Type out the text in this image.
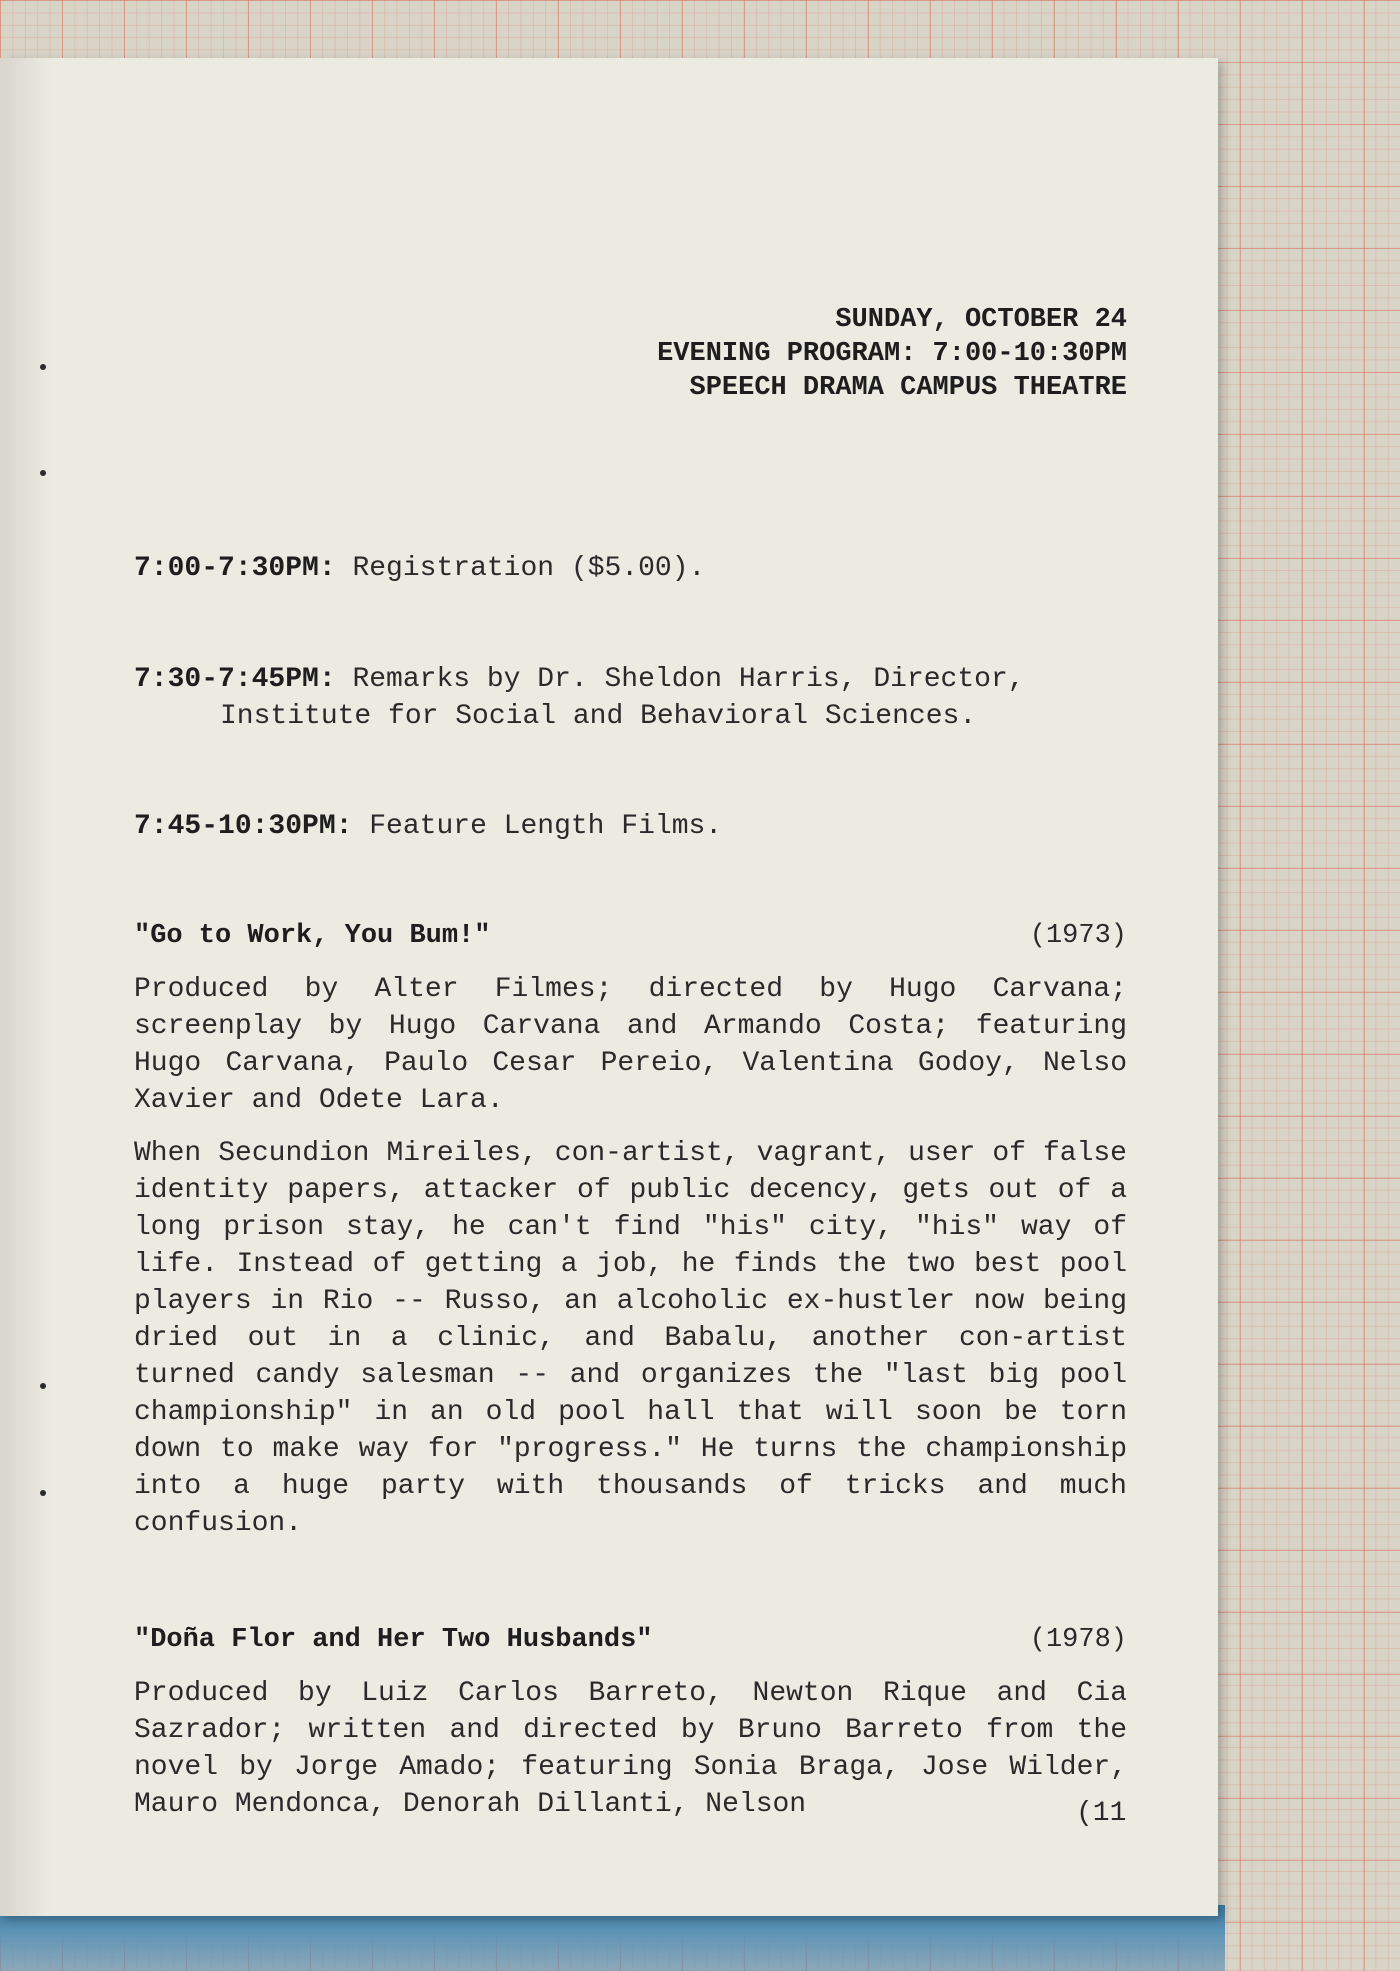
SUNDAY, OCTOBER 24
EVENING PROGRAM: 7:00-10:30PM
SPEECH DRAMA CAMPUS THEATRE

7:00-7:30PM: Registration ($5.00).

7:30-7:45PM: Remarks by Dr. Sheldon Harris, Director,
Institute for Social and Behavioral Sciences.

7:45-10:30PM: Feature Length Films.

"Go to Work, You Bum!"	(1973)

Produced by Alter Filmes; directed by Hugo Carvana; screenplay by Hugo Carvana and Armando Costa; featuring Hugo Carvana, Paulo Cesar Pereio, Valentina Godoy, Nelso Xavier and Odete Lara.

When Secundion Mireiles, con-artist, vagrant, user of false identity papers, attacker of public decency, gets out of a long prison stay, he can't find "his" city, "his" way of life. Instead of getting a job, he finds the two best pool players in Rio -- Russo, an alcoholic ex-hustler now being dried out in a clinic, and Babalu, another con-artist turned candy salesman -- and organizes the "last big pool championship" in an old pool hall that will soon be torn down to make way for "progress." He turns the championship into a huge party with thousands of tricks and much confusion.

"Doña Flor and Her Two Husbands"	(1978)

Produced by Luiz Carlos Barreto, Newton Rique and Cia Sazrador; written and directed by Bruno Barreto from the novel by Jorge Amado; featuring Sonia Braga, Jose Wilder, Mauro Mendonca, Denorah Dillanti, Nelson	(11
